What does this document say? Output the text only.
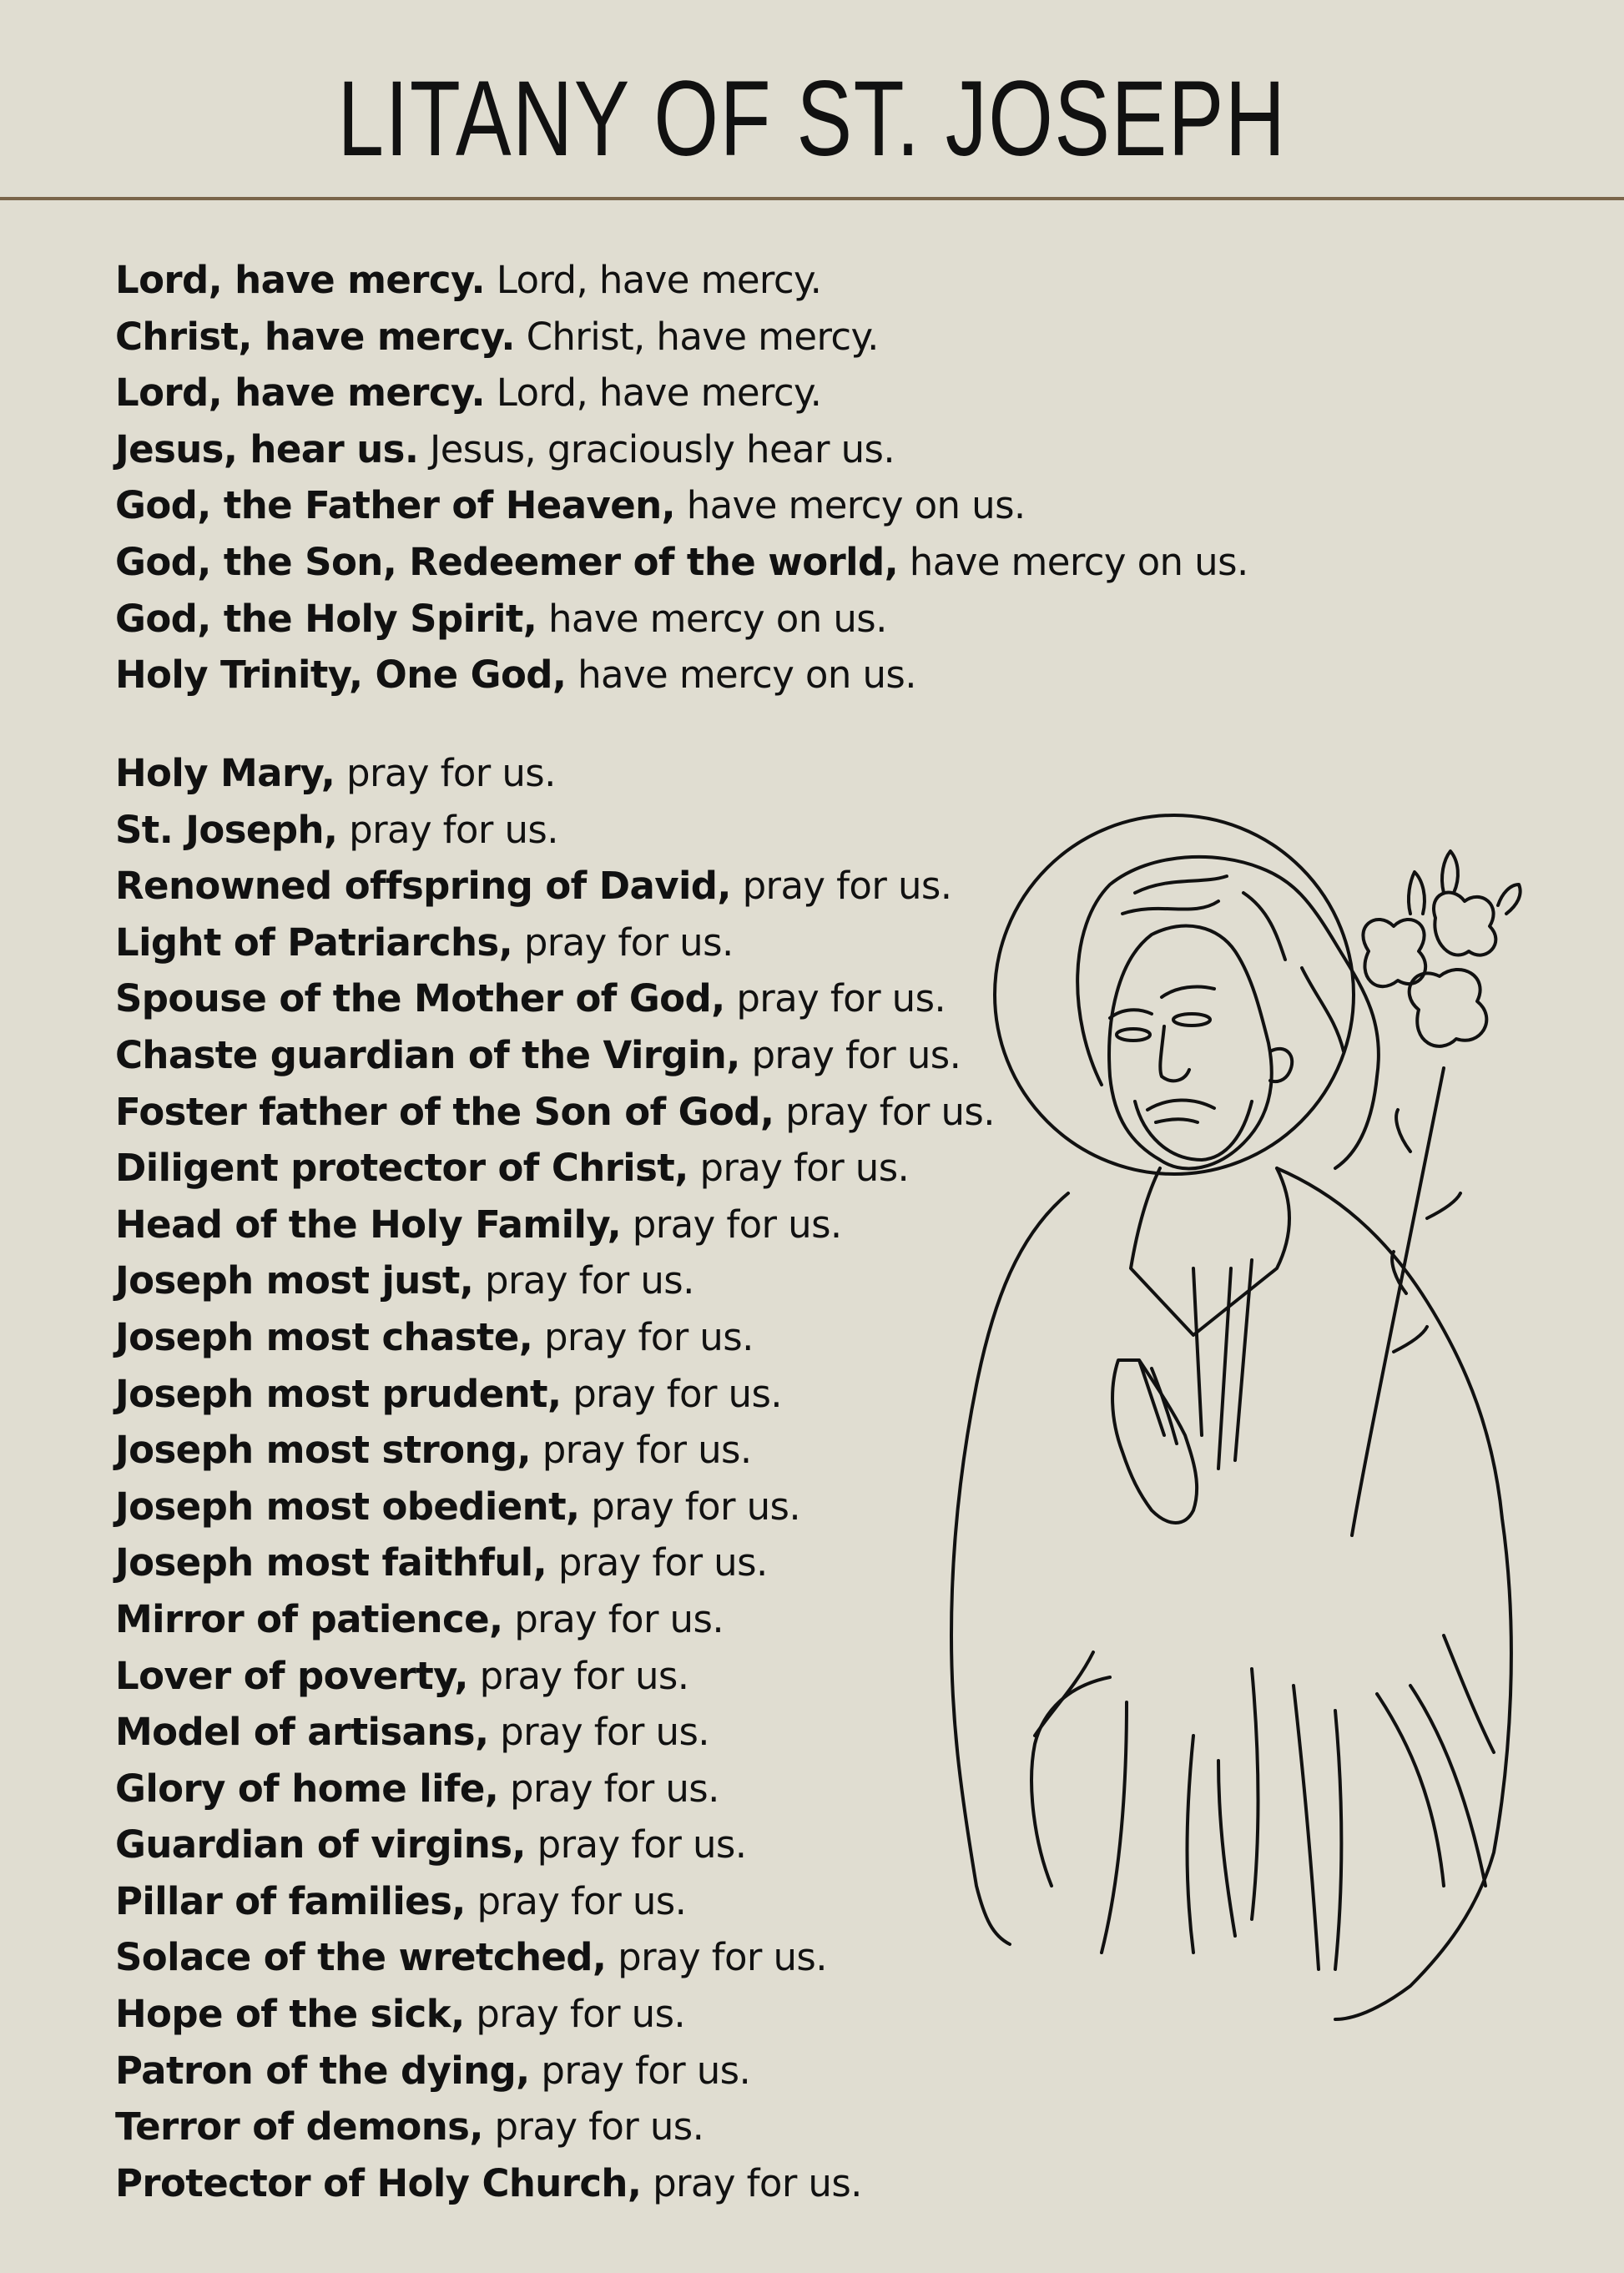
LITANY OF ST. JOSEPH
Lord, have mercy. Lord, have mercy.
Christ, have mercy. Christ, have mercy.
Lord, have mercy. Lord, have mercy.
Jesus, hear us. Jesus, graciously hear us.
God, the Father of Heaven, have mercy on us.
God, the Son, Redeemer of the world, have mercy on us.
God, the Holy Spirit, have mercy on us.
Holy Trinity, One God, have mercy on us.
Holy Mary, pray for us.
St. Joseph, pray for us.
Renowned offspring of David, pray for us.
Light of Patriarchs, pray for us.
Spouse of the Mother of God, pray for us.
Chaste guardian of the Virgin, pray for us.
Foster father of the Son of God, pray for us.
Diligent protector of Christ, pray for us.
Head of the Holy Family, pray for us.
Joseph most just, pray for us.
Joseph most chaste, pray for us.
Joseph most prudent, pray for us.
Joseph most strong, pray for us.
Joseph most obedient, pray for us.
Joseph most faithful, pray for us.
Mirror of patience, pray for us.
Lover of poverty, pray for us.
Model of artisans, pray for us.
Glory of home life, pray for us.
Guardian of virgins, pray for us.
Pillar of families, pray for us.
Solace of the wretched, pray for us.
Hope of the sick, pray for us.
Patron of the dying, pray for us.
Terror of demons, pray for us.
Protector of Holy Church, pray for us.
